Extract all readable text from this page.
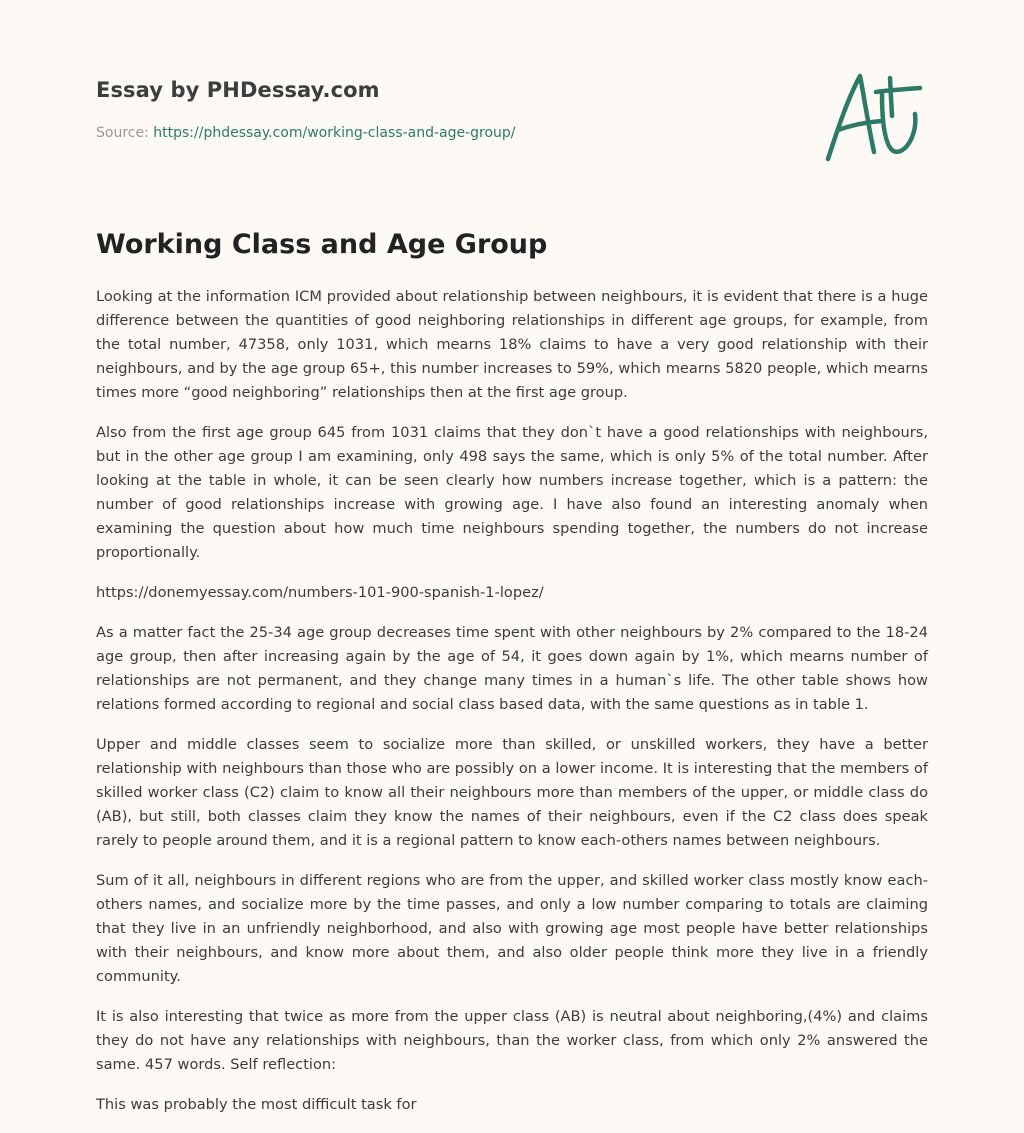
Essay by PHDessay.com
Source: https://phdessay.com/working-class-and-age-group/
Working Class and Age Group

Looking at the information ICM provided about relationship between neighbours, it is evident that there is a huge difference between the quantities of good neighboring relationships in different age groups, for example, from the total number, 47358, only 1031, which mearns 18% claims to have a very good relationship with their neighbours, and by the age group 65+, this number increases to 59%, which mearns 5820 people, which mearns times more “good neighboring” relationships then at the first age group.

Also from the first age group 645 from 1031 claims that they don`t have a good relationships with neighbours, but in the other age group I am examining, only 498 says the same, which is only 5% of the total number. After looking at the table in whole, it can be seen clearly how numbers increase together, which is a pattern: the number of good relationships increase with growing age. I have also found an interesting anomaly when examining the question about how much time neighbours spending together, the numbers do not increase proportionally.

https://donemyessay.com/numbers-101-900-spanish-1-lopez/

As a matter fact the 25-34 age group decreases time spent with other neighbours by 2% compared to the 18-24 age group, then after increasing again by the age of 54, it goes down again by 1%, which mearns number of relationships are not permanent, and they change many times in a human`s life. The other table shows how relations formed according to regional and social class based data, with the same questions as in table 1.

Upper and middle classes seem to socialize more than skilled, or unskilled workers, they have a better relationship with neighbours than those who are possibly on a lower income. It is interesting that the members of skilled worker class (C2) claim to know all their neighbours more than members of the upper, or middle class do (AB), but still, both classes claim they know the names of their neighbours, even if the C2 class does speak rarely to people around them, and it is a regional pattern to know each-others names between neighbours.

Sum of it all, neighbours in different regions who are from the upper, and skilled worker class mostly know each-others names, and socialize more by the time passes, and only a low number comparing to totals are claiming that they live in an unfriendly neighborhood, and also with growing age most people have better relationships with their neighbours, and know more about them, and also older people think more they live in a friendly community.

It is also interesting that twice as more from the upper class (AB) is neutral about neighboring,(4%) and claims they do not have any relationships with neighbours, than the worker class, from which only 2% answered the same. 457 words. Self reflection:

This was probably the most difficult task for
